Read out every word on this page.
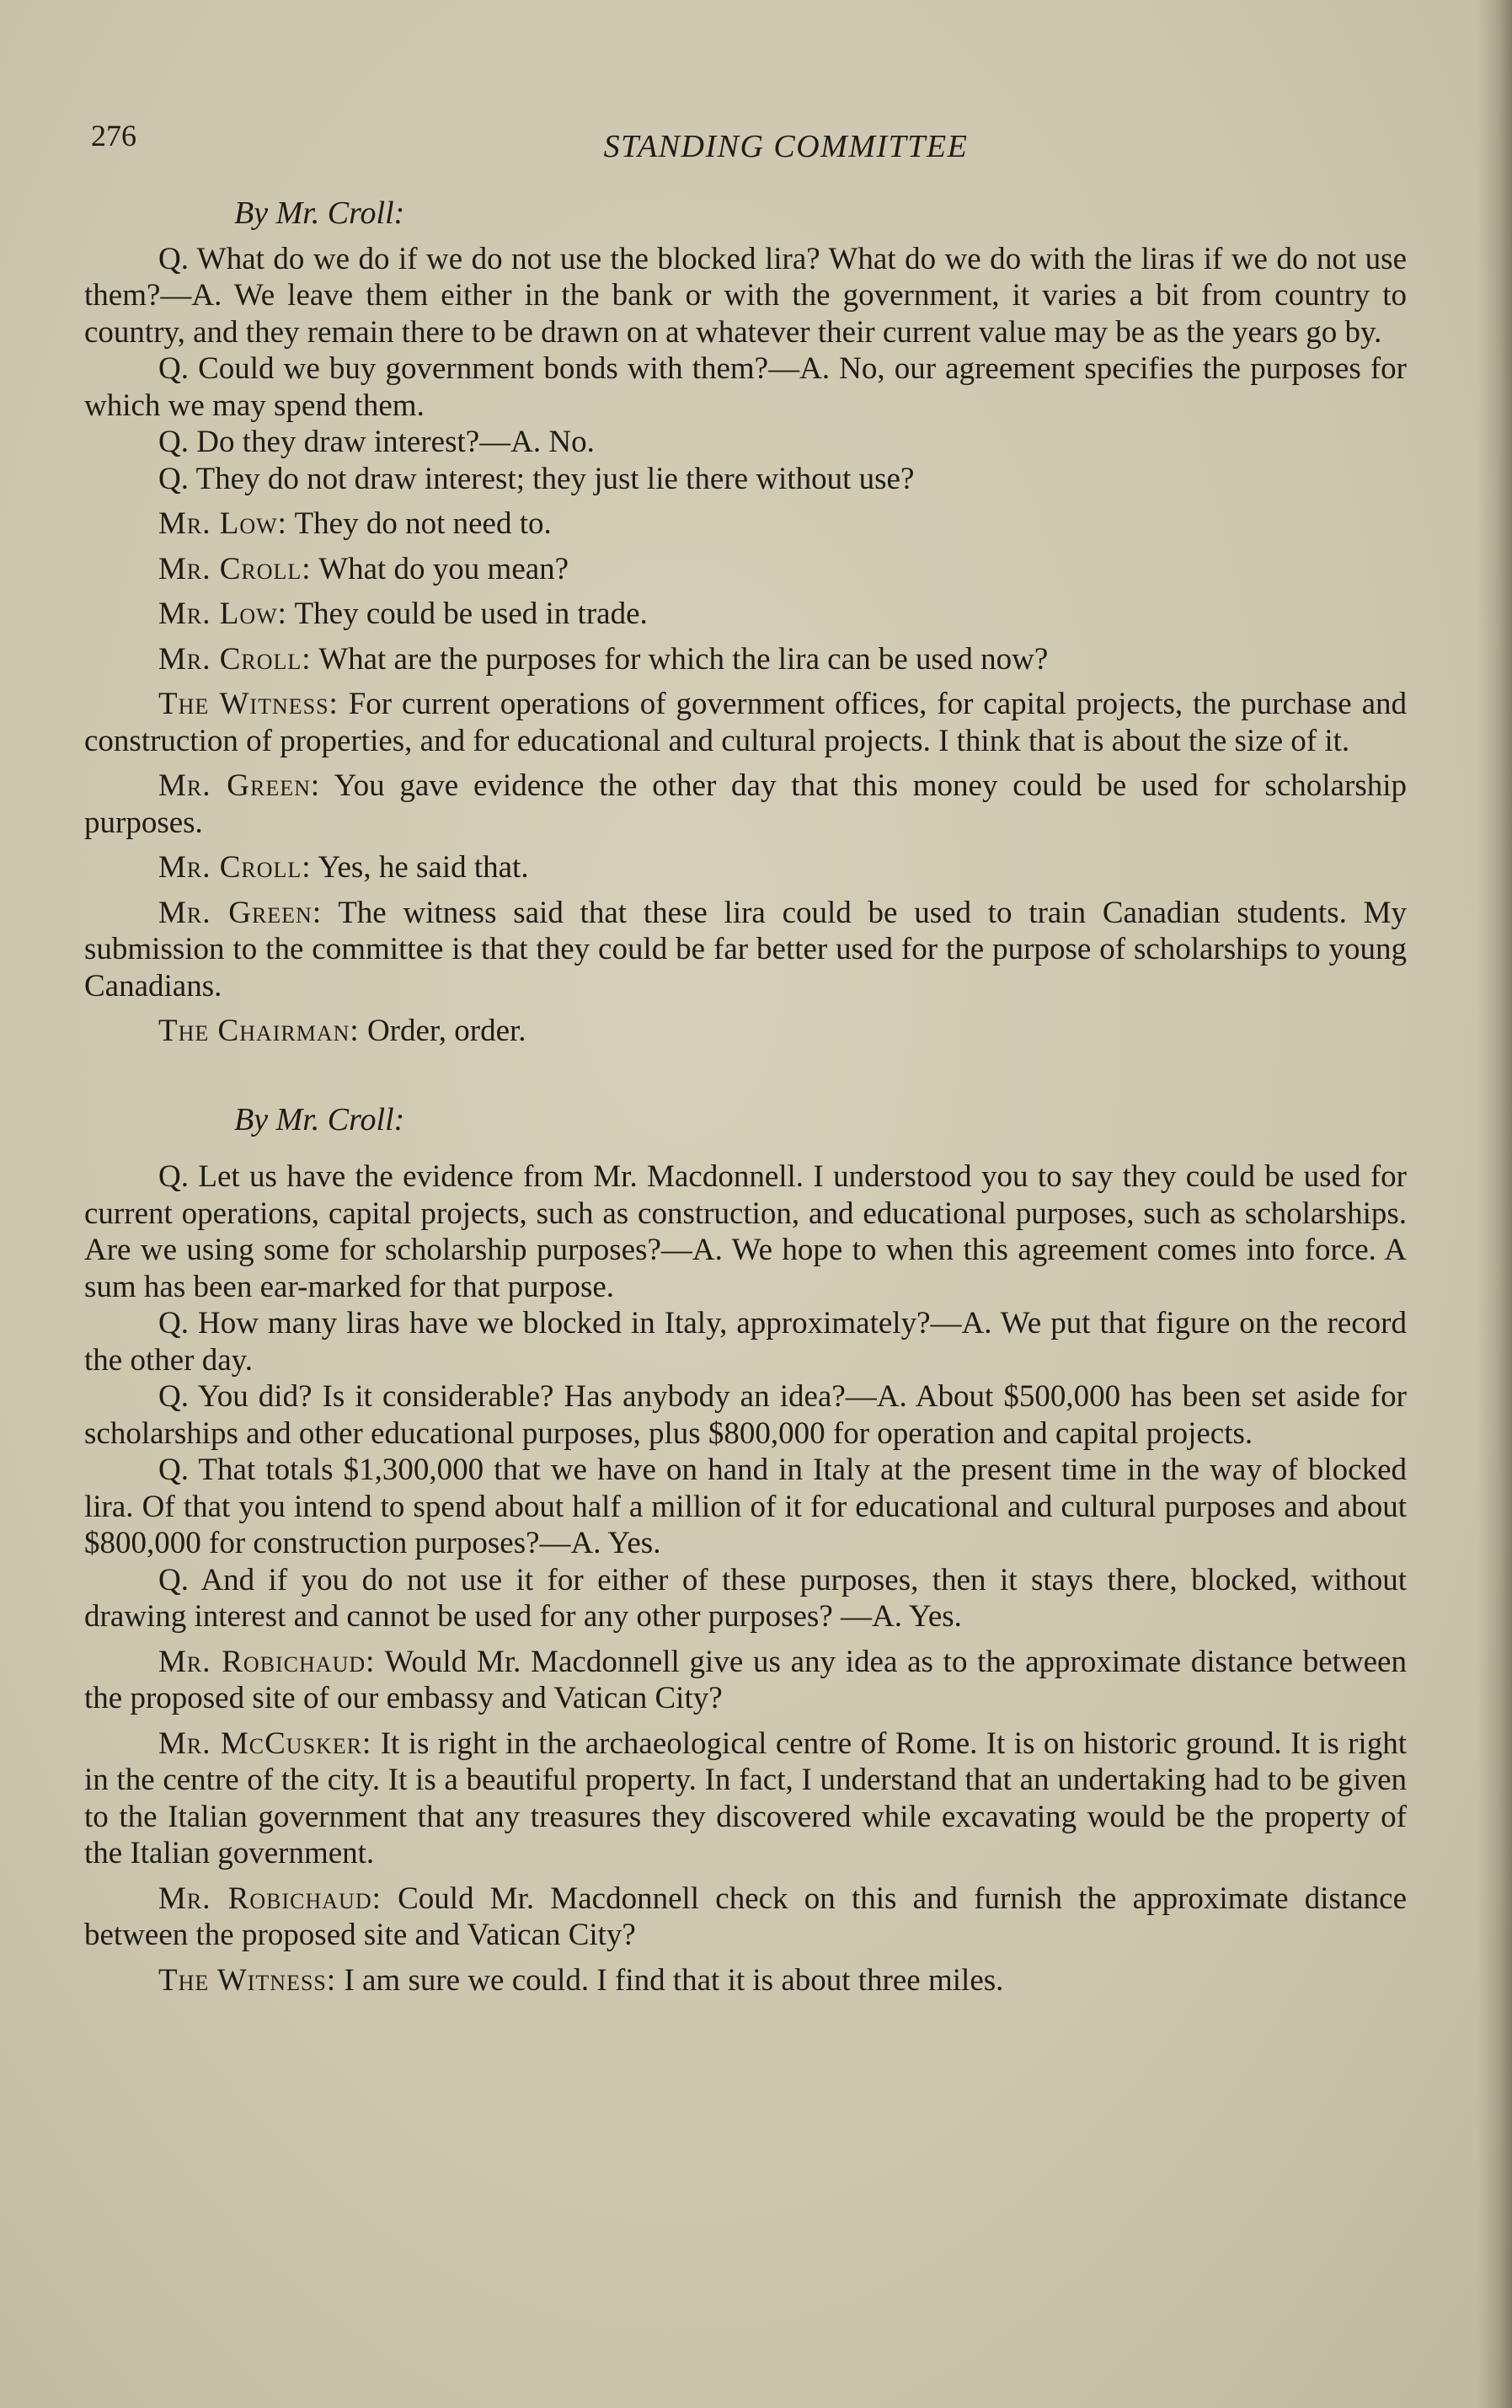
276	STANDING COMMITTEE
By Mr. Croll:

Q. What do we do if we do not use the blocked lira? What do we do with the liras if we do not use them?—A. We leave them either in the bank or with the government, it varies a bit from country to country, and they remain there to be drawn on at whatever their current value may be as the years go by.

Q. Could we buy government bonds with them?—A. No, our agreement specifies the purposes for which we may spend them.

Q. Do they draw interest?—A. No.

Q. They do not draw interest; they just lie there without use?

Mr. Low: They do not need to.

Mr. Croll: What do you mean?

Mr. Low: They could be used in trade.

Mr. Croll: What are the purposes for which the lira can be used now?

The Witness: For current operations of government offices, for capital projects, the purchase and construction of properties, and for educational and cultural projects. I think that is about the size of it.

Mr. Green: You gave evidence the other day that this money could be used for scholarship purposes.

Mr. Croll: Yes, he said that.

Mr. Green: The witness said that these lira could be used to train Canadian students. My submission to the committee is that they could be far better used for the purpose of scholarships to young Canadians.

The Chairman: Order, order.

By Mr. Croll:

Q. Let us have the evidence from Mr. Macdonnell. I understood you to say they could be used for current operations, capital projects, such as construction, and educational purposes, such as scholarships. Are we using some for scholarship purposes?—A. We hope to when this agreement comes into force. A sum has been ear-marked for that purpose.

Q. How many liras have we blocked in Italy, approximately?—A. We put that figure on the record the other day.

Q. You did? Is it considerable? Has anybody an idea?—A. About $500,000 has been set aside for scholarships and other educational purposes, plus $800,000 for operation and capital projects.

Q. That totals $1,300,000 that we have on hand in Italy at the present time in the way of blocked lira. Of that you intend to spend about half a million of it for educational and cultural purposes and about $800,000 for construction purposes?—A. Yes.

Q. And if you do not use it for either of these purposes, then it stays there, blocked, without drawing interest and cannot be used for any other purposes? —A. Yes.

Mr. Robichaud: Would Mr. Macdonnell give us any idea as to the approximate distance between the proposed site of our embassy and Vatican City?

Mr. McCusker: It is right in the archaeological centre of Rome. It is on historic ground. It is right in the centre of the city. It is a beautiful property. In fact, I understand that an undertaking had to be given to the Italian government that any treasures they discovered while excavating would be the property of the Italian government.

Mr. Robichaud: Could Mr. Macdonnell check on this and furnish the approximate distance between the proposed site and Vatican City?

The Witness: I am sure we could. I find that it is about three miles.
